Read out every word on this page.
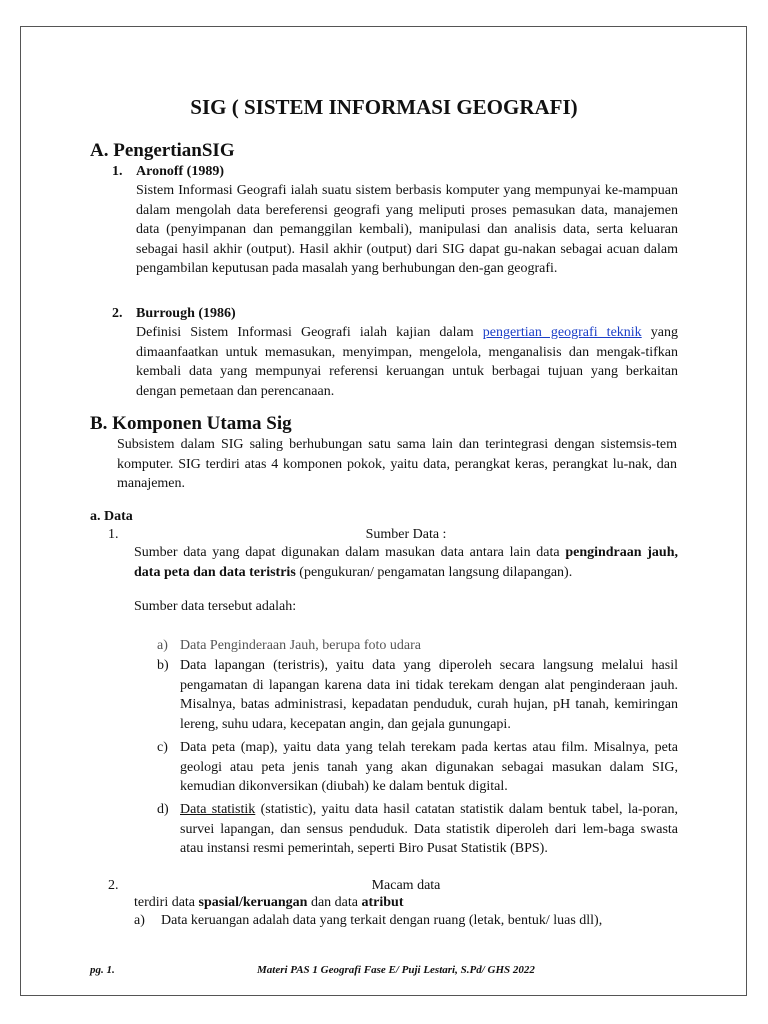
SIG ( SISTEM INFORMASI GEOGRAFI)
A. PengertianSIG
1. Aronoff (1989)
Sistem Informasi Geografi ialah suatu sistem berbasis komputer yang mempunyai ke-mampuan dalam mengolah data bereferensi geografi yang meliputi proses pemasukan data, manajemen data (penyimpanan dan pemanggilan kembali), manipulasi dan analisis data, serta keluaran sebagai hasil akhir (output). Hasil akhir (output) dari SIG dapat gu-nakan sebagai acuan dalam pengambilan keputusan pada masalah yang berhubungan den-gan geografi.
2. Burrough (1986)
Definisi Sistem Informasi Geografi ialah kajian dalam pengertian geografi teknik yang dimaanfaatkan untuk memasukan, menyimpan, mengelola, menganalisis dan mengak-tifkan kembali data yang mempunyai referensi keruangan untuk berbagai tujuan yang berkaitan dengan pemetaan dan perencanaan.
B. Komponen Utama Sig
Subsistem dalam SIG saling berhubungan satu sama lain dan terintegrasi dengan sistemsis-tem komputer. SIG terdiri atas 4 komponen pokok, yaitu data, perangkat keras, perangkat lu-nak, dan manajemen.
a. Data
1.	Sumber Data :
Sumber data yang dapat digunakan dalam masukan data antara lain data pengindraan jauh, data peta dan data teristris (pengukuran/ pengamatan langsung dilapangan).
Sumber data tersebut adalah:
a) Data Penginderaan Jauh, berupa foto udara
b) Data lapangan (teristris), yaitu data yang diperoleh secara langsung melalui hasil pengamatan di lapangan karena data ini tidak terekam dengan alat penginderaan jauh. Misalnya, batas administrasi, kepadatan penduduk, curah hujan, pH tanah, kemiringan lereng, suhu udara, kecepatan angin, dan gejala gunungapi.
c) Data peta (map), yaitu data yang telah terekam pada kertas atau film. Misalnya, peta geologi atau peta jenis tanah yang akan digunakan sebagai masukan dalam SIG, kemudian dikonversikan (diubah) ke dalam bentuk digital.
d) Data statistik (statistic), yaitu data hasil catatan statistik dalam bentuk tabel, la-poran, survei lapangan, dan sensus penduduk. Data statistik diperoleh dari lem-baga swasta atau instansi resmi pemerintah, seperti Biro Pusat Statistik (BPS).
2.	Macam data
terdiri data spasial/keruangan dan data atribut
a) Data keruangan adalah data yang terkait dengan ruang (letak, bentuk/ luas dll),
pg. 1.	Materi PAS 1 Geografi Fase E/ Puji Lestari, S.Pd/ GHS 2022
